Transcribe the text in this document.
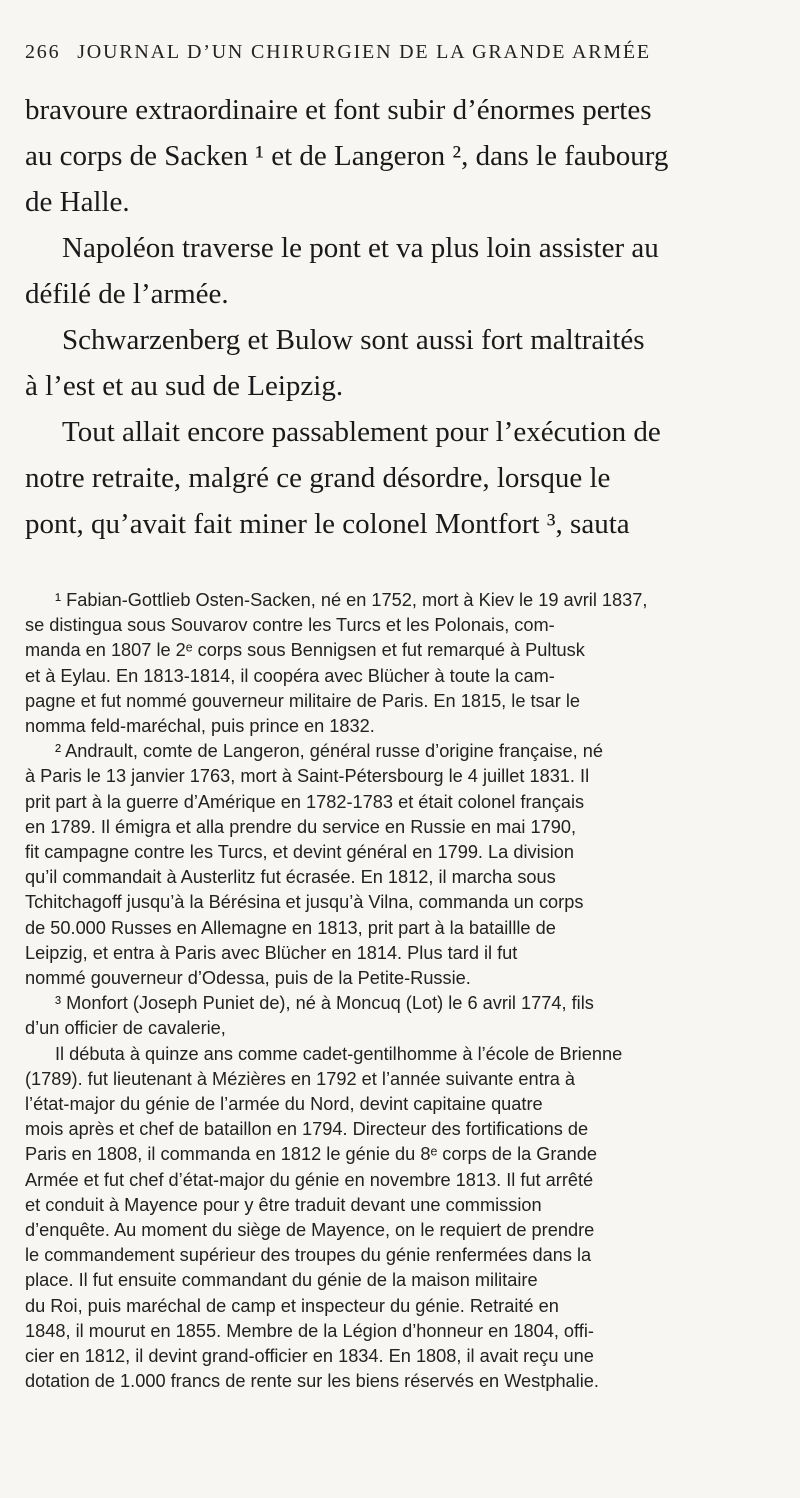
266 JOURNAL D’UN CHIRURGIEN DE LA GRANDE ARMÉE
bravoure extraordinaire et font subir d’énormes pertes
au corps de Sacken ¹ et de Langeron ², dans le faubourg
de Halle.
Napoléon traverse le pont et va plus loin assister au
défilé de l’armée.
Schwarzenberg et Bulow sont aussi fort maltraités
à l’est et au sud de Leipzig.
Tout allait encore passablement pour l’exécution de
notre retraite, malgré ce grand désordre, lorsque le
pont, qu’avait fait miner le colonel Montfort ³, sauta
¹ Fabian-Gottlieb Osten-Sacken, né en 1752, mort à Kiev le 19 avril 1837,
se distingua sous Souvarov contre les Turcs et les Polonais, com-
manda en 1807 le 2ᵉ corps sous Bennigsen et fut remarqué à Pultusk
et à Eylau. En 1813-1814, il coopéra avec Blücher à toute la cam-
pagne et fut nommé gouverneur militaire de Paris. En 1815, le tsar le
nomma feld-maréchal, puis prince en 1832.
² Andrault, comte de Langeron, général russe d’origine française, né
à Paris le 13 janvier 1763, mort à Saint-Pétersbourg le 4 juillet 1831. Il
prit part à la guerre d’Amérique en 1782-1783 et était colonel français
en 1789. Il émigra et alla prendre du service en Russie en mai 1790,
fit campagne contre les Turcs, et devint général en 1799. La division
qu’il commandait à Austerlitz fut écrasée. En 1812, il marcha sous
Tchitchagoff jusqu’à la Bérésina et jusqu’à Vilna, commanda un corps
de 50.000 Russes en Allemagne en 1813, prit part à la bataillle de
Leipzig, et entra à Paris avec Blücher en 1814. Plus tard il fut
nommé gouverneur d’Odessa, puis de la Petite-Russie.
³ Monfort (Joseph Puniet de), né à Moncuq (Lot) le 6 avril 1774, fils
d’un officier de cavalerie,
Il débuta à quinze ans comme cadet-gentilhomme à l’école de Brienne
(1789). fut lieutenant à Mézières en 1792 et l’année suivante entra à
l’état-major du génie de l’armée du Nord, devint capitaine quatre
mois après et chef de bataillon en 1794. Directeur des fortifications de
Paris en 1808, il commanda en 1812 le génie du 8ᵉ corps de la Grande
Armée et fut chef d’état-major du génie en novembre 1813. Il fut arrêté
et conduit à Mayence pour y être traduit devant une commission
d’enquête. Au moment du siège de Mayence, on le requiert de prendre
le commandement supérieur des troupes du génie renfermées dans la
place. Il fut ensuite commandant du génie de la maison militaire
du Roi, puis maréchal de camp et inspecteur du génie. Retraité en
1848, il mourut en 1855. Membre de la Légion d’honneur en 1804, offi-
cier en 1812, il devint grand-officier en 1834. En 1808, il avait reçu une
dotation de 1.000 francs de rente sur les biens réservés en Westphalie.
